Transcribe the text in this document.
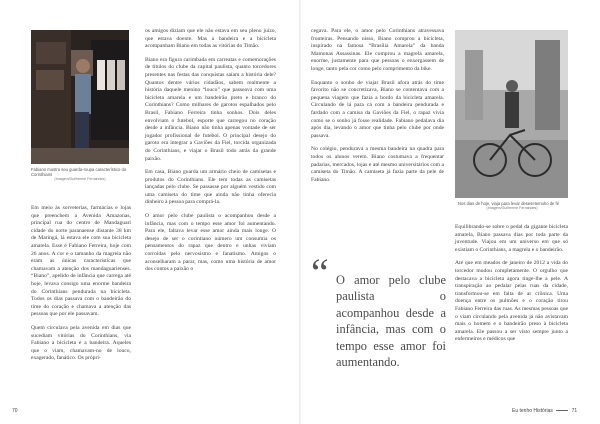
Fabiano mostra seu guarda-roupa característico do Corinthians
(Imagem/Guilherme Fernandes)

Em meio às sorveterias, farmácias e lojas que preenchem a Avenida Amazonas, principal rua do centro de Mandaguari cidade do norte paranaense distante 38 km de Maringá, lá estava ele com sua bicicleta amarela. Esse é Fabiano Ferreira, hoje com 26 anos. A cor e o tamanho da magrela não eram as únicas características que chamavam a atenção dos mandaguarienses. “Biano”, apelido de infância que carrega até hoje, levava consigo uma enorme bandeira do Corinthians pendurada na bicicleta. Todos os dias passava com o bandeirão do time do coração e chamava a atenção das pessoas que por ele passavam.

Quem circulava pela avenida em dias que sucediam vitórias do Corinthians, via Fabiano a bicicleta e a bandeira. Aqueles que o viam, chamavam-no de louco, exagerado, fanático. Os própri-

os amigos diziam que ele não estava em seu pleno juízo, que estava doente. Mas a bandeira e a bicicleta acompanham Biano em todas as vitórias do Timão.

Biano era figura carimbada em carreatas e comemorações de títulos do clube da capital paulista, quanto torcedores presentes nas festas das conquistas saíam a história dele? Quantos dentre vários cidadãos, sabem realmente a história daquele menino “louco” que passeava com uma bicicleta amarela e um bandeirão preto e branco do Corinthians? Como milhares de garotos espalhados pelo Brasil, Fabiano Ferreira tinha sonhos. Dois deles envolviam o futebol, esporte que carregou no coração desde a infância. Biano não tinha apenas vontade de ser jogador profissional de futebol. O principal desejo do garoto era integrar a Gaviões da Fiel, torcida organizada do Corinthians, e viajar o Brasil todo atrás da grande paixão.

Em casa, Biano guarda um armário cheio de camisetas e produtos do Corinthians. Ele tem todas as camisetas lançadas pelo clube. Se passasse por alguém vestido com uma camiseta do time que ainda não tinha oferecia dinheiro à pessoa para comprá-la.

O amor pelo clube paulista o acompanhou desde a infância, mas com o tempo esse amor foi aumentando. Para ele, faltava levar esse amor ainda mais longe. O desejo de ser o corintiano número um consumia os pensamentos do rapaz que dentro e unhas viviam corroídas pelo nervosismo e fanatismo. Amigos o aconselharam a parar, mas, como uma história de amor dos contos a paixão o

70

cegava. Para ele, o amor pelo Corinthians atravessava fronteiras. Pensando nisso, Biano comprou a bicicleta, inspirado na famosa “Brasília Amarela” da banda Mamonas Assassinas. Ele comprou a magrela amarela, enorme, justamente para que pessoas o enxergassem de longe, tanto pela cor como pelo comprimento da bike.

Enquanto o sonho de viajar Brasil afora atrás do time favorito não se concretizava, Biano se contentava com a pequena viagem que fazia a bordo da bicicleta amarela. Circulando de lá para cá com a bandeira pendurada e fardado com a camisa da Gaviões da Fiel, o rapaz vivia como se o sonho já fosse realidade. Fabiano pedalava dia após dia, levando o amor que tinha pelo clube por onde passava.

No colégio, pendurava a mesma bandeira na quadra para todos os alunos verem. Biano costumava a frequentar padarias, mercados, lojas e até mesmo universitários com a camiseta do Timão. A camiseta já fazia parte da pele de Fabiano.

“ O amor pelo clube paulista o acompanhou desde a infância, mas com o tempo esse amor foi aumentando.
Nos dias de hoje, viaja para levar desesetemuho de fé
(Imagem/Guilherme Fernandes)

Equilibrando-se sobre o pedal da gigante bicicleta amarela, Biano passava dias por toda parte da juventude. Viajou em um universo em que só existiam o Corinthians, a magrela e o bandeirão.

Até que em meados de janeiro de 2012 a vida do torcedor mudou completamente. O orgulho que destacava a bicicleta agora tinge-lhe a pele. A transpiração ao pedalar pelas ruas da cidade, transformou-se em falta de ar crônica. Uma doença entre os pulmões e o coração tirou Fabiano Ferreira das ruas. As mesmas pessoas que o viam circulando pela avenida já não avistavam mais o homem e o bandeirão preso à bicicleta amarela. Ele passou a ser visto sempre junto a enfermeiros e médicos que

Eu tenho Histórias	71
